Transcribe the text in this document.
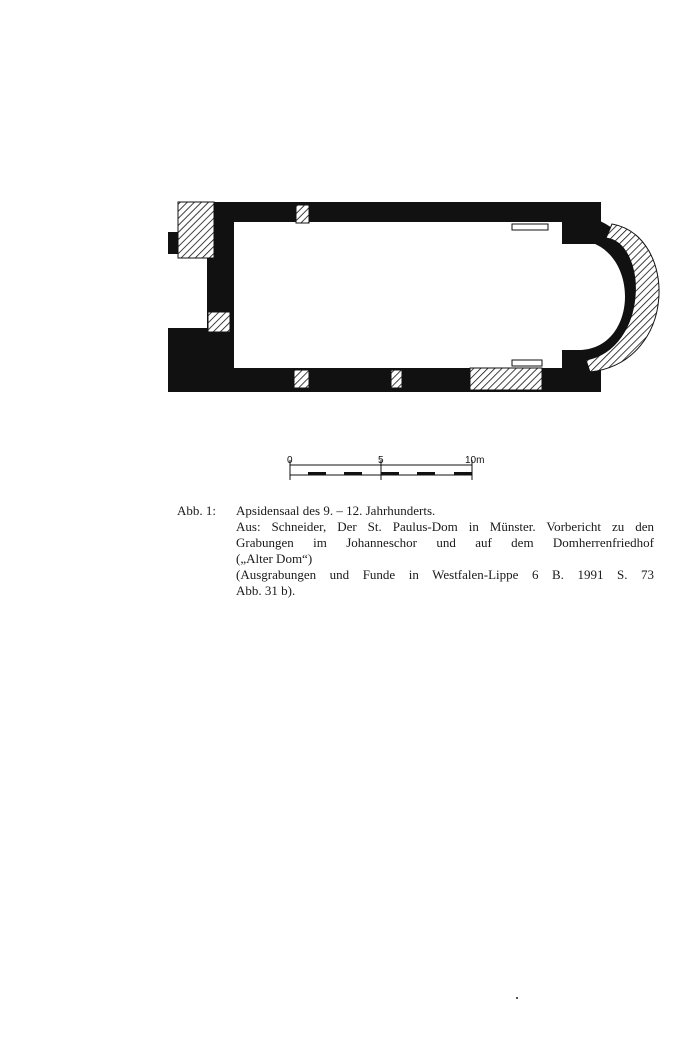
0	5	10m
Abb. 1:	Apsidensaal des 9. – 12. Jahrhunderts.
Aus: Schneider, Der St. Paulus-Dom in Münster. Vorbericht zu den
Grabungen im Johanneschor und auf dem Domherrenfriedhof
(„Alter Dom“)
(Ausgrabungen und Funde in Westfalen-Lippe 6 B. 1991 S. 73
Abb. 31 b).
